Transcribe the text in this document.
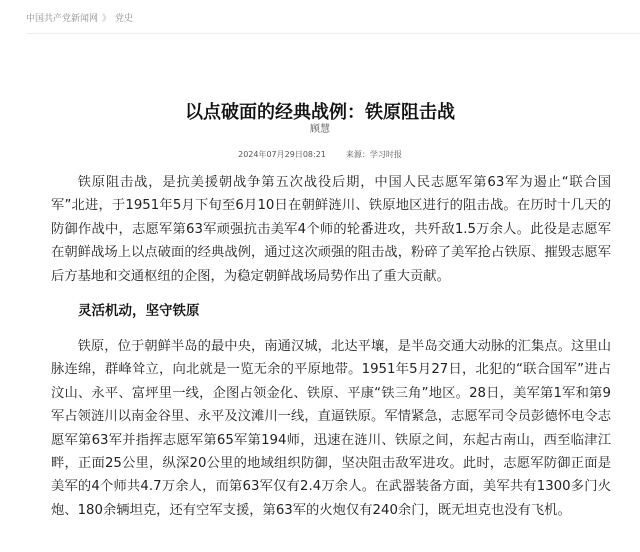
中国共产党新闻网 》 党史
以点破面的经典战例：铁原阻击战
顾慧
2024年07月29日08:21	来源：学习时报

铁原阻击战，是抗美援朝战争第五次战役后期，中国人民志愿军第63军为遏止“联合国军”北进，于1951年5月下旬至6月10日在朝鲜涟川、铁原地区进行的阻击战。在历时十几天的防御作战中，志愿军第63军顽强抗击美军4个师的轮番进攻，共歼敌1.5万余人。此役是志愿军在朝鲜战场上以点破面的经典战例，通过这次顽强的阻击战，粉碎了美军抢占铁原、摧毁志愿军后方基地和交通枢纽的企图，为稳定朝鲜战场局势作出了重大贡献。

灵活机动，坚守铁原

铁原，位于朝鲜半岛的最中央，南通汉城，北达平壤，是半岛交通大动脉的汇集点。这里山脉连绵，群峰耸立，向北就是一览无余的平原地带。1951年5月27日，北犯的“联合国军”进占汶山、永平、富坪里一线，企图占领金化、铁原、平康“铁三角”地区。28日，美军第1军和第9军占领涟川以南金谷里、永平及汶滩川一线，直逼铁原。军情紧急，志愿军司令员彭德怀电令志愿军第63军并指挥志愿军第65军第194师，迅速在涟川、铁原之间，东起古南山，西至临津江畔，正面25公里，纵深20公里的地域组织防御，坚决阻击敌军进攻。此时，志愿军防御正面是美军的4个师共4.7万余人，而第63军仅有2.4万余人。在武器装备方面，美军共有1300多门火炮、180余辆坦克，还有空军支援，第63军的火炮仅有240余门，既无坦克也没有飞机。
